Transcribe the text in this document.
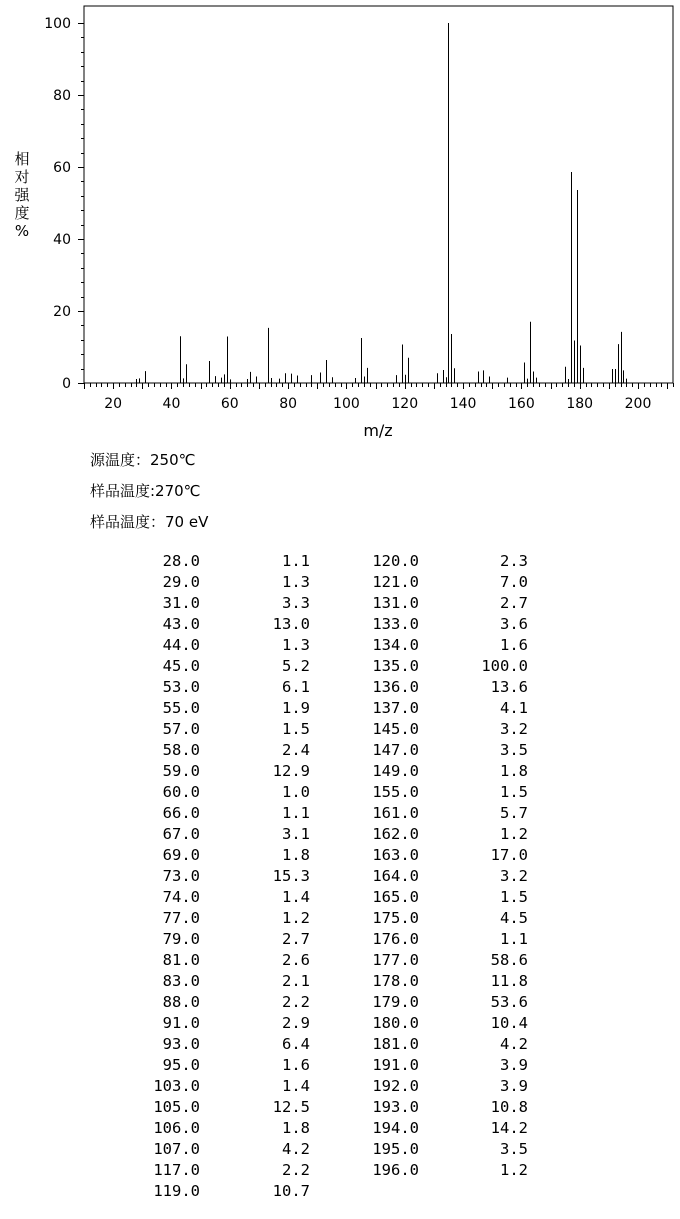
20	40	60	80	100 120 140 160 180 200
0
20
40
60
80
100
m/z
相
对
强
度
%
源温度：250℃
样品温度:270℃
样品温度：70 eV
28.0	1.1	120.0	2.3
29.0	1.3	121.0	7.0
31.0	3.3	131.0	2.7
43.0	13.0	133.0	3.6
44.0	1.3	134.0	1.6
45.0	5.2	135.0	100.0
53.0	6.1	136.0	13.6
55.0	1.9	137.0	4.1
57.0	1.5	145.0	3.2
58.0	2.4	147.0	3.5
59.0	12.9	149.0	1.8
60.0	1.0	155.0	1.5
66.0	1.1	161.0	5.7
67.0	3.1	162.0	1.2
69.0	1.8	163.0	17.0
73.0	15.3	164.0	3.2
74.0	1.4	165.0	1.5
77.0	1.2	175.0	4.5
79.0	2.7	176.0	1.1
81.0	2.6	177.0	58.6
83.0	2.1	178.0	11.8
88.0	2.2	179.0	53.6
91.0	2.9	180.0	10.4
93.0	6.4	181.0	4.2
95.0	1.6	191.0	3.9
103.0	1.4	192.0	3.9
105.0	12.5	193.0	10.8
106.0	1.8	194.0	14.2
107.0	4.2	195.0	3.5
117.0	2.2	196.0	1.2
119.0	10.7
